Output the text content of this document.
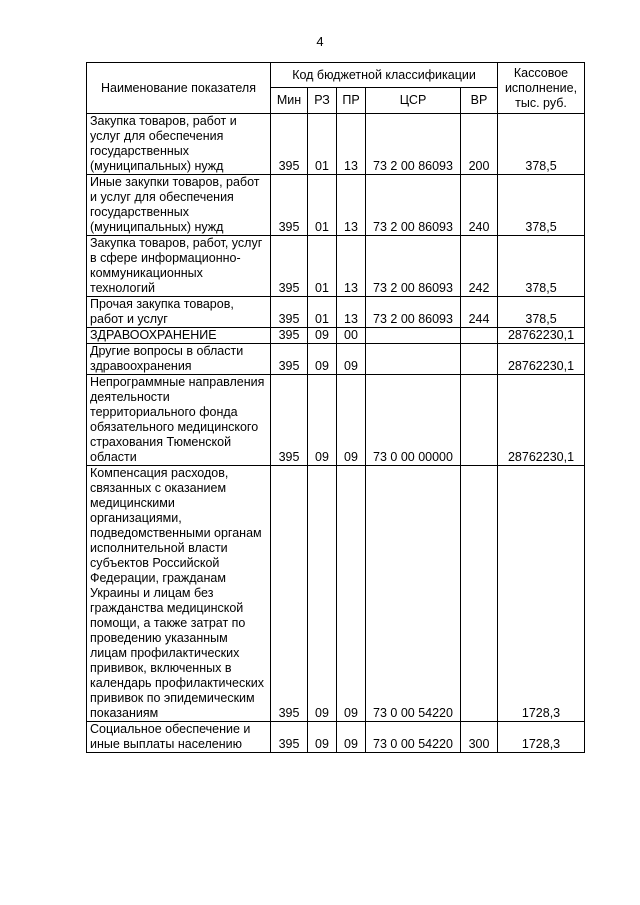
4
Наименование показателя	Код бюджетной классификации					Кассовое исполнение, тыс. руб.
	Мин	РЗ	ПР	ЦСР	ВР	
Закупка товаров, работ и услуг для обеспечения государственных (муниципальных) нужд	395	01	13	73 2 00 86093	200	378,5
Иные закупки товаров, работ и услуг для обеспечения государственных (муниципальных) нужд	395	01	13	73 2 00 86093	240	378,5
Закупка товаров, работ, услуг в сфере информационно-коммуникационных технологий	395	01	13	73 2 00 86093	242	378,5
Прочая закупка товаров, работ и услуг	395	01	13	73 2 00 86093	244	378,5
ЗДРАВООХРАНЕНИЕ	395	09	00			28762230,1
Другие вопросы в области здравоохранения	395	09	09			28762230,1
Непрограммные направления деятельности территориального фонда обязательного медицинского страхования Тюменской области	395	09	09	73 0 00 00000		28762230,1
Компенсация расходов, связанных с оказанием медицинскими организациями, подведомственными органам исполнительной власти субъектов Российской Федерации, гражданам Украины и лицам без гражданства медицинской помощи, а также затрат по проведению указанным лицам профилактических прививок, включенных в календарь профилактических прививок по эпидемическим показаниям	395	09	09	73 0 00 54220		1728,3
Социальное обеспечение и иные выплаты населению	395	09	09	73 0 00 54220	300	1728,3
